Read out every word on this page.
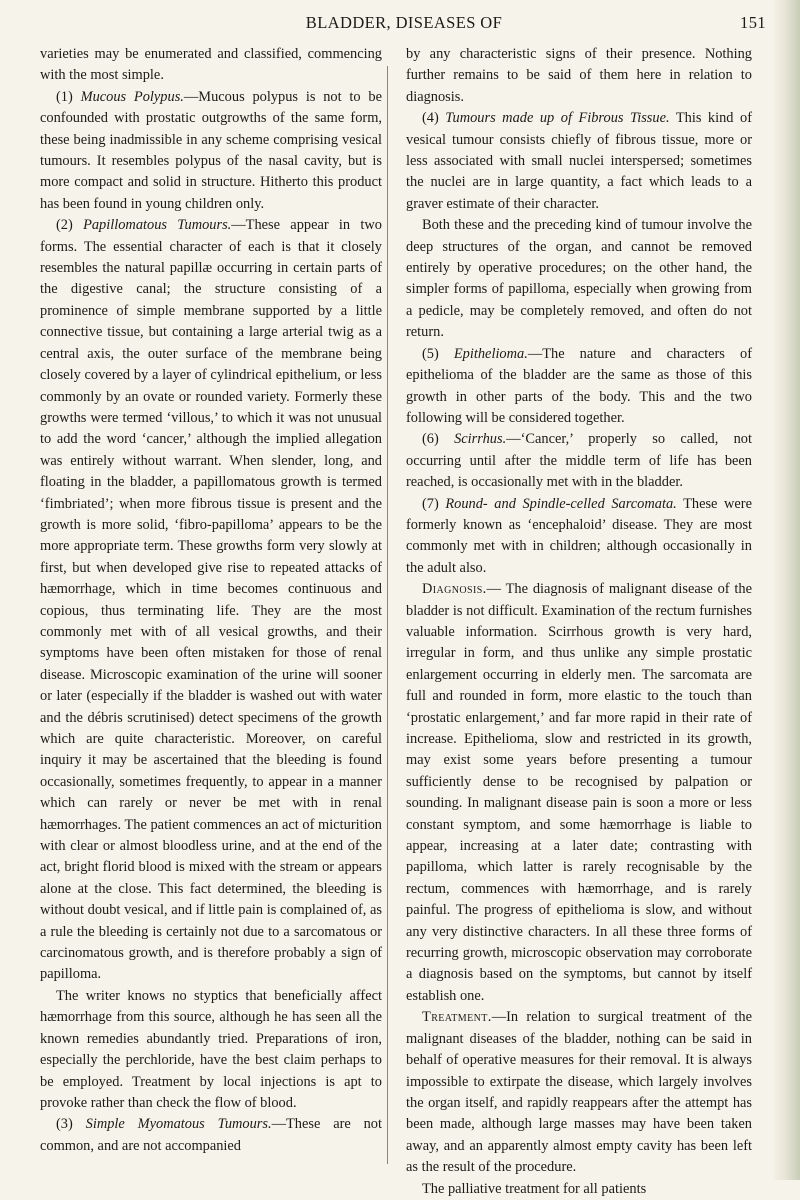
BLADDER, DISEASES OF	151

varieties may be enumerated and classified, commencing with the most simple.

(1) Mucous Polypus.—Mucous polypus is not to be confounded with prostatic outgrowths of the same form, these being inadmissible in any scheme comprising vesical tumours. It resembles polypus of the nasal cavity, but is more compact and solid in structure. Hitherto this product has been found in young children only.

(2) Papillomatous Tumours.—These appear in two forms. The essential character of each is that it closely resembles the natural papillæ occurring in certain parts of the digestive canal; the structure consisting of a prominence of simple membrane supported by a little connective tissue, but containing a large arterial twig as a central axis, the outer surface of the membrane being closely covered by a layer of cylindrical epithelium, or less commonly by an ovate or rounded variety. Formerly these growths were termed ‘villous,’ to which it was not unusual to add the word ‘cancer,’ although the implied allegation was entirely without warrant. When slender, long, and floating in the bladder, a papillomatous growth is termed ‘fimbriated’; when more fibrous tissue is present and the growth is more solid, ‘fibro-papilloma’ appears to be the more appropriate term. These growths form very slowly at first, but when developed give rise to repeated attacks of hæmorrhage, which in time becomes continuous and copious, thus terminating life. They are the most commonly met with of all vesical growths, and their symptoms have been often mistaken for those of renal disease. Microscopic examination of the urine will sooner or later (especially if the bladder is washed out with water and the débris scrutinised) detect specimens of the growth which are quite characteristic. Moreover, on careful inquiry it may be ascertained that the bleeding is found occasionally, sometimes frequently, to appear in a manner which can rarely or never be met with in renal hæmorrhages. The patient commences an act of micturition with clear or almost bloodless urine, and at the end of the act, bright florid blood is mixed with the stream or appears alone at the close. This fact determined, the bleeding is without doubt vesical, and if little pain is complained of, as a rule the bleeding is certainly not due to a sarcomatous or carcinomatous growth, and is therefore probably a sign of papilloma.

The writer knows no styptics that beneficially affect hæmorrhage from this source, although he has seen all the known remedies abundantly tried. Preparations of iron, especially the perchloride, have the best claim perhaps to be employed. Treatment by local injections is apt to provoke rather than check the flow of blood.

(3) Simple Myomatous Tumours.—These are not common, and are not accompanied

by any characteristic signs of their presence. Nothing further remains to be said of them here in relation to diagnosis.

(4) Tumours made up of Fibrous Tissue. This kind of vesical tumour consists chiefly of fibrous tissue, more or less associated with small nuclei interspersed; sometimes the nuclei are in large quantity, a fact which leads to a graver estimate of their character.

Both these and the preceding kind of tumour involve the deep structures of the organ, and cannot be removed entirely by operative procedures; on the other hand, the simpler forms of papilloma, especially when growing from a pedicle, may be completely removed, and often do not return.

(5) Epithelioma.—The nature and characters of epithelioma of the bladder are the same as those of this growth in other parts of the body. This and the two following will be considered together.

(6) Scirrhus.—‘Cancer,’ properly so called, not occurring until after the middle term of life has been reached, is occasionally met with in the bladder.

(7) Round- and Spindle-celled Sarcomata. These were formerly known as ‘encephaloid’ disease. They are most commonly met with in children; although occasionally in the adult also.

Diagnosis.— The diagnosis of malignant disease of the bladder is not difficult. Examination of the rectum furnishes valuable information. Scirrhous growth is very hard, irregular in form, and thus unlike any simple prostatic enlargement occurring in elderly men. The sarcomata are full and rounded in form, more elastic to the touch than ‘prostatic enlargement,’ and far more rapid in their rate of increase. Epithelioma, slow and restricted in its growth, may exist some years before presenting a tumour sufficiently dense to be recognised by palpation or sounding. In malignant disease pain is soon a more or less constant symptom, and some hæmorrhage is liable to appear, increasing at a later date; contrasting with papilloma, which latter is rarely recognisable by the rectum, commences with hæmorrhage, and is rarely painful. The progress of epithelioma is slow, and without any very distinctive characters. In all these three forms of recurring growth, microscopic observation may corroborate a diagnosis based on the symptoms, but cannot by itself establish one.

Treatment.—In relation to surgical treatment of the malignant diseases of the bladder, nothing can be said in behalf of operative measures for their removal. It is always impossible to extirpate the disease, which largely involves the organ itself, and rapidly reappears after the attempt has been made, although large masses may have been taken away, and an apparently almost empty cavity has been left as the result of the procedure.

The palliative treatment for all patients
